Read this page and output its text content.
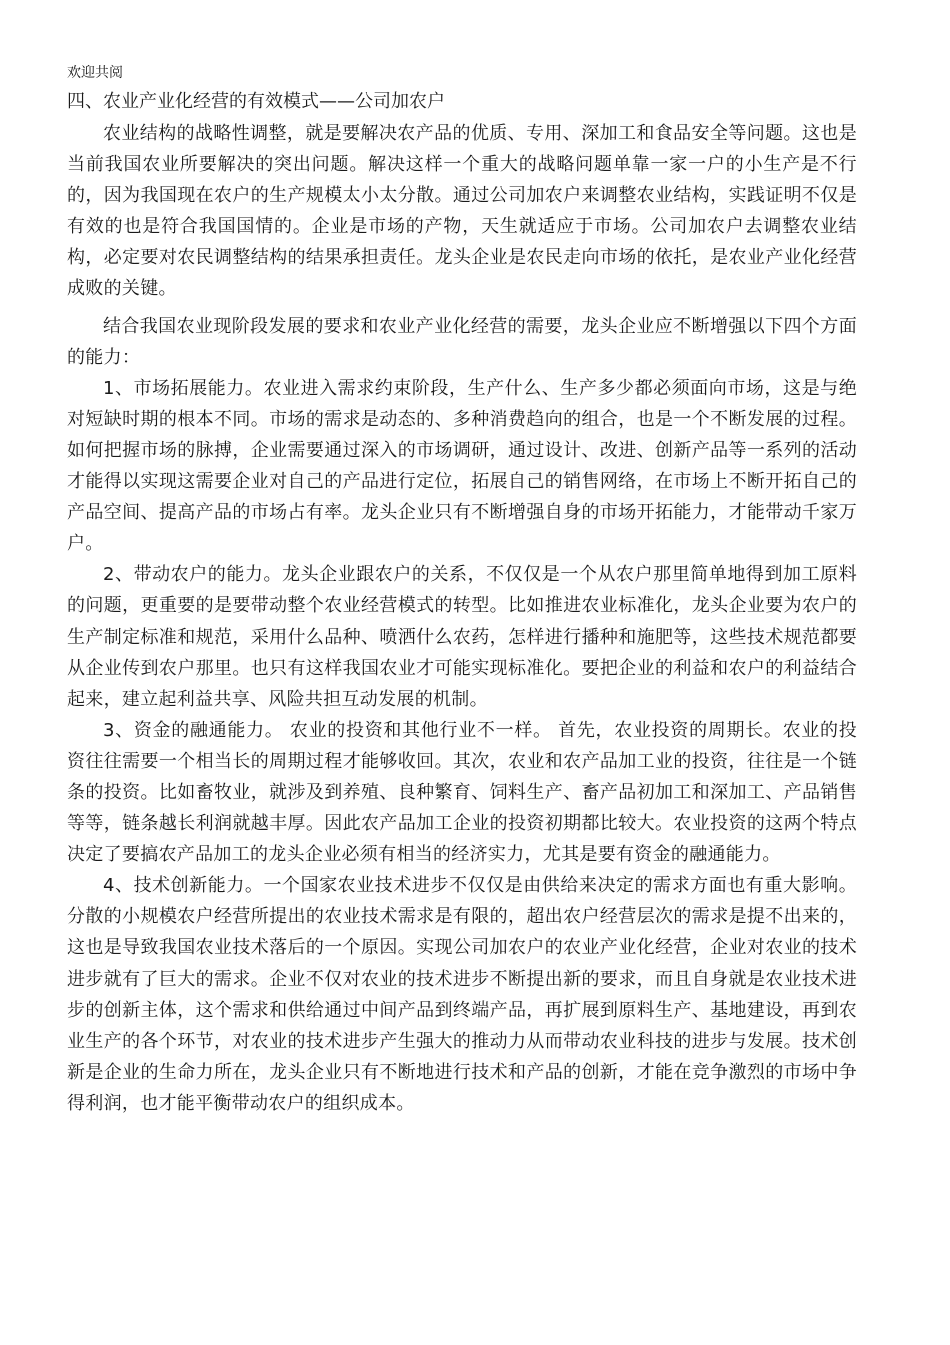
欢迎共阅
四、农业产业化经营的有效模式——公司加农户

农业结构的战略性调整，就是要解决农产品的优质、专用、深加工和食品安全等问题。这也是当前我国农业所要解决的突出问题。解决这样一个重大的战略问题单靠一家一户的小生产是不行的，因为我国现在农户的生产规模太小太分散。通过公司加农户来调整农业结构，实践证明不仅是有效的也是符合我国国情的。企业是市场的产物，天生就适应于市场。公司加农户去调整农业结构，必定要对农民调整结构的结果承担责任。龙头企业是农民走向市场的依托，是农业产业化经营成败的关键。

结合我国农业现阶段发展的要求和农业产业化经营的需要，龙头企业应不断增强以下四个方面的能力：

1、市场拓展能力。农业进入需求约束阶段，生产什么、生产多少都必须面向市场，这是与绝对短缺时期的根本不同。市场的需求是动态的、多种消费趋向的组合，也是一个不断发展的过程。如何把握市场的脉搏，企业需要通过深入的市场调研，通过设计、改进、创新产品等一系列的活动才能得以实现这需要企业对自己的产品进行定位，拓展自己的销售网络，在市场上不断开拓自己的产品空间、提高产品的市场占有率。龙头企业只有不断增强自身的市场开拓能力，才能带动千家万户。

2、带动农户的能力。龙头企业跟农户的关系，不仅仅是一个从农户那里简单地得到加工原料的问题，更重要的是要带动整个农业经营模式的转型。比如推进农业标准化，龙头企业要为农户的生产制定标准和规范，采用什么品种、喷洒什么农药，怎样进行播种和施肥等，这些技术规范都要从企业传到农户那里。也只有这样我国农业才可能实现标准化。要把企业的利益和农户的利益结合起来，建立起利益共享、风险共担互动发展的机制。

3、资金的融通能力。 农业的投资和其他行业不一样。 首先，农业投资的周期长。农业的投资往往需要一个相当长的周期过程才能够收回。其次，农业和农产品加工业的投资，往往是一个链条的投资。比如畜牧业，就涉及到养殖、良种繁育、饲料生产、畜产品初加工和深加工、产品销售等等，链条越长利润就越丰厚。因此农产品加工企业的投资初期都比较大。农业投资的这两个特点决定了要搞农产品加工的龙头企业必须有相当的经济实力，尤其是要有资金的融通能力。

4、技术创新能力。一个国家农业技术进步不仅仅是由供给来决定的需求方面也有重大影响。分散的小规模农户经营所提出的农业技术需求是有限的，超出农户经营层次的需求是提不出来的，这也是导致我国农业技术落后的一个原因。实现公司加农户的农业产业化经营，企业对农业的技术进步就有了巨大的需求。企业不仅对农业的技术进步不断提出新的要求，而且自身就是农业技术进步的创新主体，这个需求和供给通过中间产品到终端产品，再扩展到原料生产、基地建设，再到农业生产的各个环节，对农业的技术进步产生强大的推动力从而带动农业科技的进步与发展。技术创新是企业的生命力所在，龙头企业只有不断地进行技术和产品的创新，才能在竞争激烈的市场中争得利润，也才能平衡带动农户的组织成本。
